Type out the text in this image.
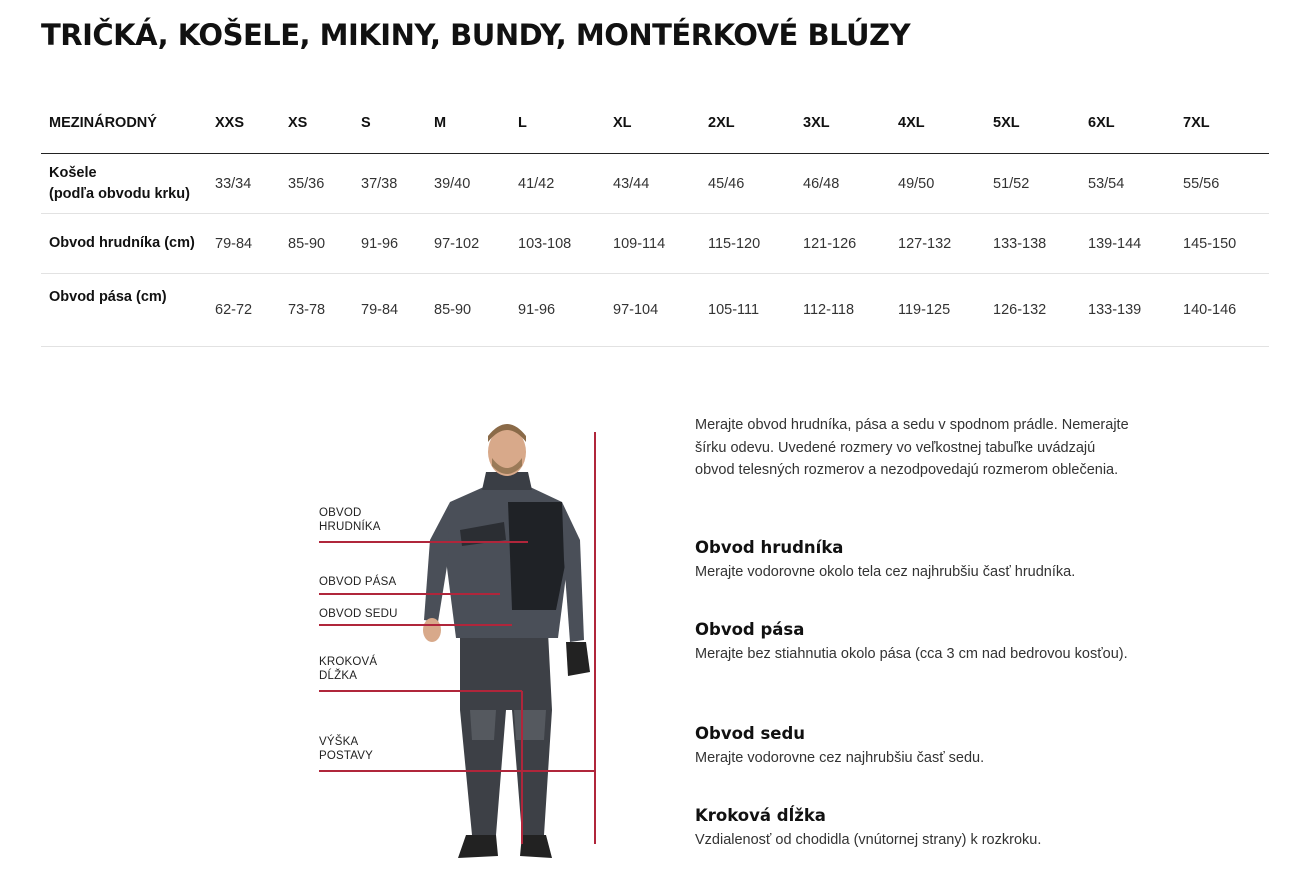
TRIČKÁ, KOŠELE, MIKINY, BUNDY, MONTÉRKOVÉ BLÚZY
MEZINÁRODNÝ	XXS	XS	S	M	L	XL	2XL	3XL	4XL	5XL	6XL	7XL
Košele
(podľa obvodu krku)	33/34	35/36	37/38	39/40	41/42	43/44	45/46	46/48	49/50	51/52	53/54	55/56
Obvod hrudníka (cm)	79-84	85-90	91-96	97-102	103-108	109-114	115-120	121-126	127-132	133-138	139-144	145-150
Obvod pása (cm)	62-72	73-78	79-84	85-90	91-96	97-104	105-111	112-118	119-125	126-132	133-139	140-146
OBVOD
HRUDNÍKA
OBVOD PÁSA
OBVOD SEDU
KROKOVÁ
DĹŽKA
VÝŠKA
POSTAVY

Merajte obvod hrudníka, pása a sedu v spodnom prádle. Nemerajte šírku odevu. Uvedené rozmery vo veľkostnej tabuľke uvádzajú obvod telesných rozmerov a nezodpovedajú rozmerom oblečenia.

Obvod hrudníka

Merajte vodorovne okolo tela cez najhrubšiu časť hrudníka.

Obvod pása

Merajte bez stiahnutia okolo pása (cca 3 cm nad bedrovou kosťou).

Obvod sedu

Merajte vodorovne cez najhrubšiu časť sedu.

Kroková dĺžka

Vzdialenosť od chodidla (vnútornej strany) k rozkroku.
